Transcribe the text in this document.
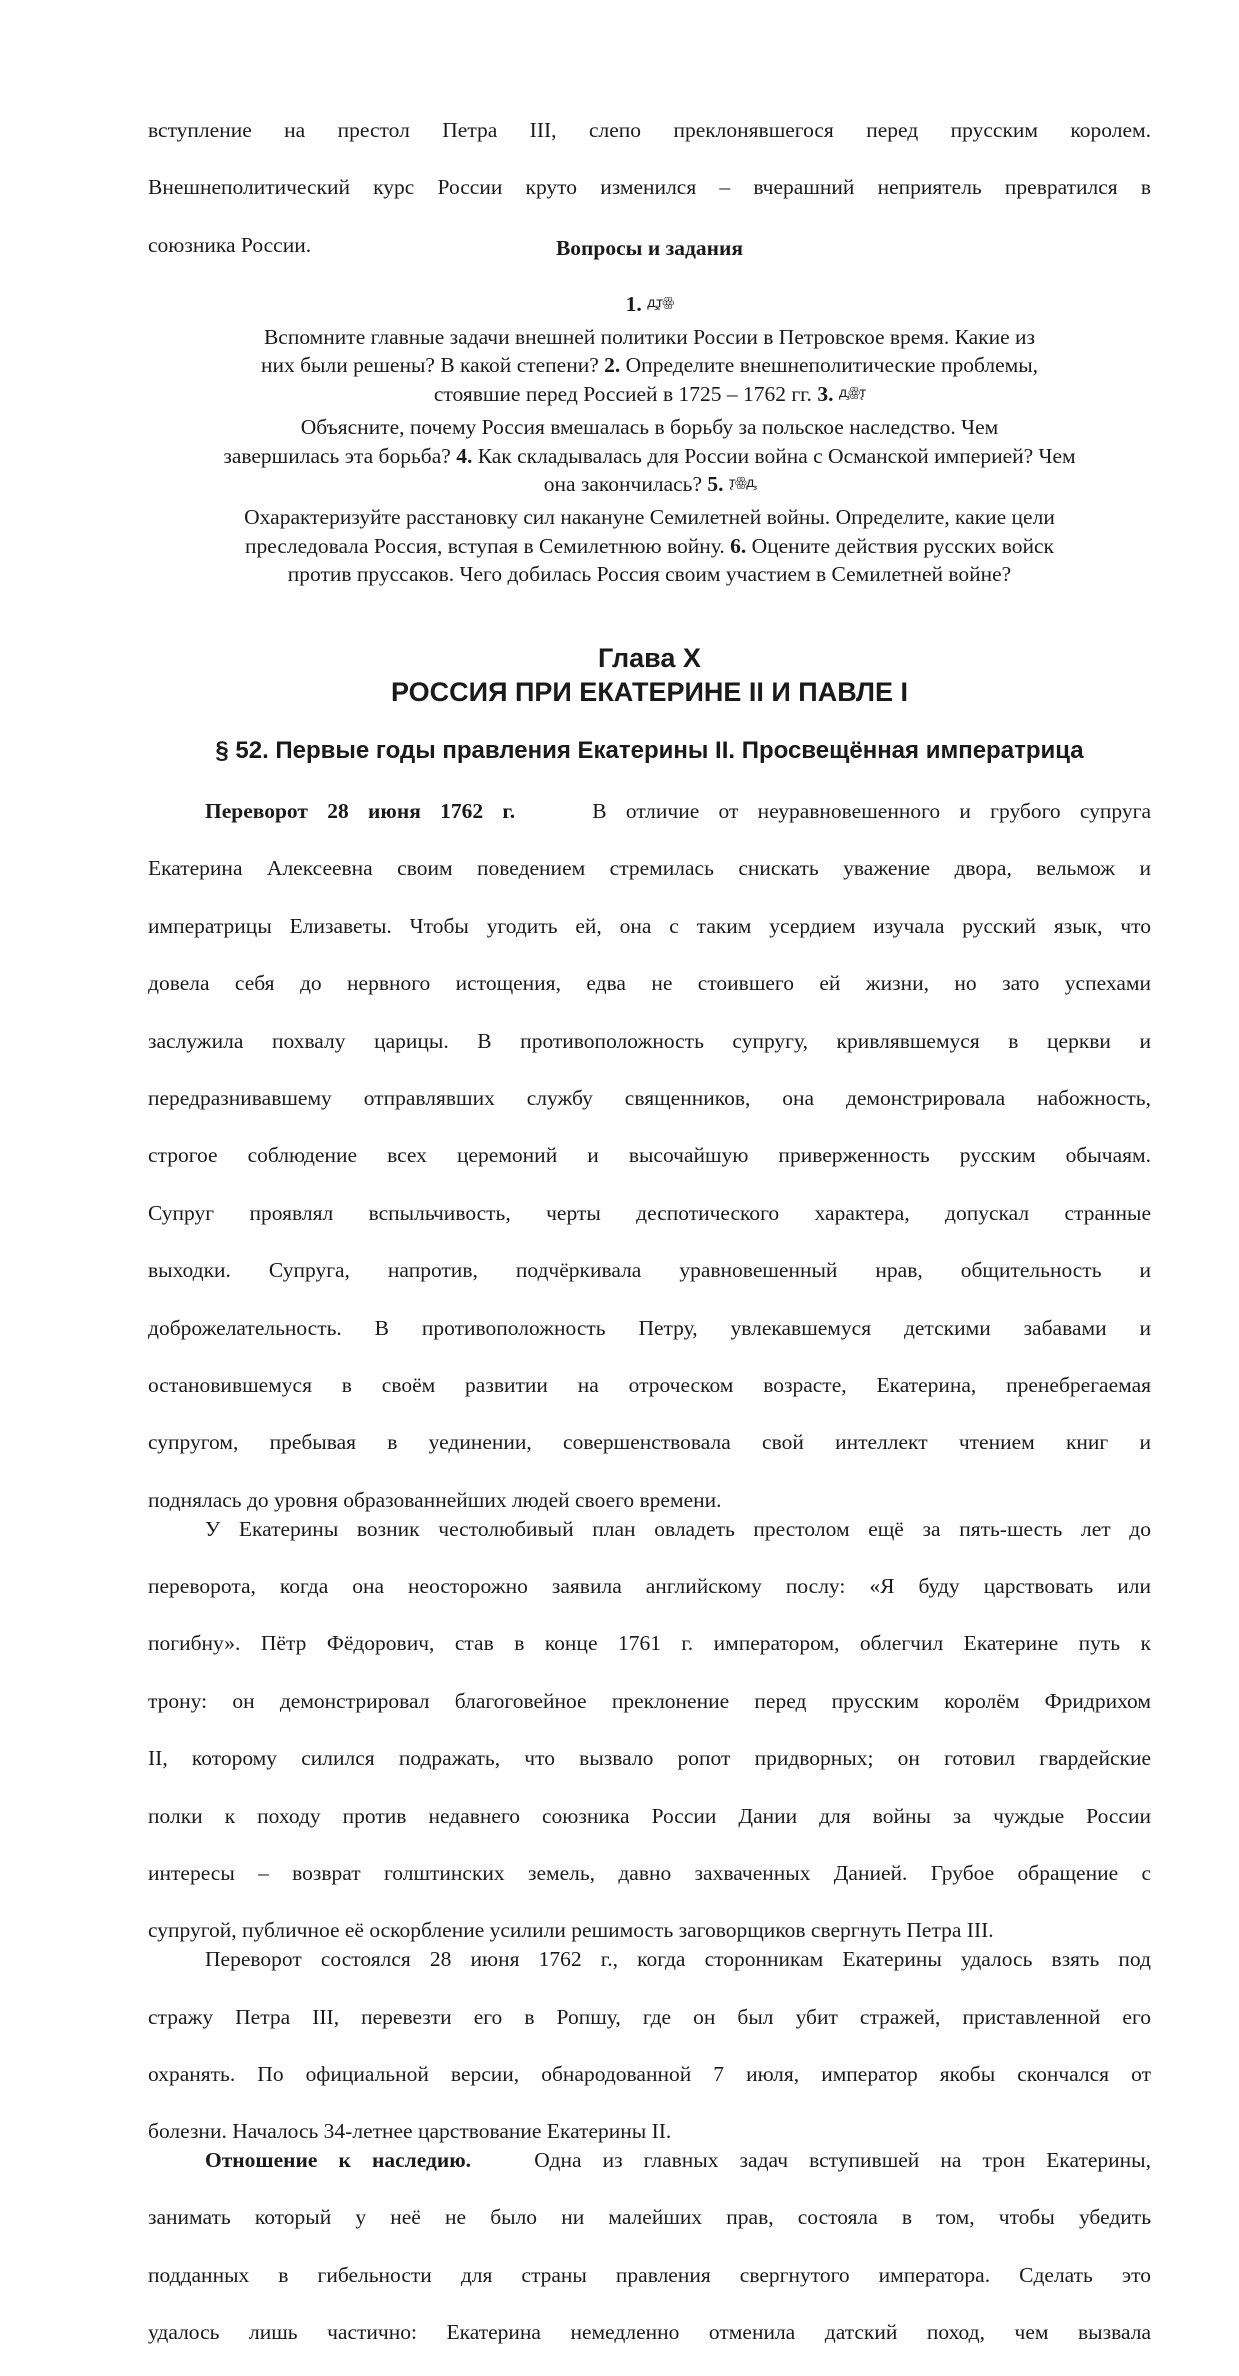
вступление на престол Петра III, слепо преклонявшегося перед прусским королем.
Внешнеполитический курс России круто изменился – вчерашний неприятель превратился в
союзника России.	Вопросы и задания
1. ꚉꚑꙮ
Вспомните главные задачи внешней политики России в Петровское время. Какие из
них были решены? В какой степени? 2. Определите внешнеполитические проблемы,
стоявшие перед Россией в 1725 – 1762 гг. 3. ꚉꙮꚑ
Объясните, почему Россия вмешалась в борьбу за польское наследство. Чем
завершилась эта борьба? 4. Как складывалась для России война с Османской империей? Чем
она закончилась? 5. ꚑꙮꚉ
Охарактеризуйте расстановку сил накануне Семилетней войны. Определите, какие цели
преследовала Россия, вступая в Семилетнюю войну. 6. Оцените действия русских войск
против пруссаков. Чего добилась Россия своим участием в Семилетней войне?
Глава Х
РОССИЯ ПРИ ЕКАТЕРИНЕ II И ПАВЛЕ I
§ 52. Первые годы правления Екатерины II. Просвещённая императрица
Переворот 28 июня 1762 г.	В отличие от неуравновешенного и грубого супруга
Екатерина Алексеевна своим поведением стремилась снискать уважение двора, вельмож и
императрицы Елизаветы. Чтобы угодить ей, она с таким усердием изучала русский язык, что
довела себя до нервного истощения, едва не стоившего ей жизни, но зато успехами
заслужила похвалу царицы. В противоположность супругу, кривлявшемуся в церкви и
передразнивавшему отправлявших службу священников, она демонстрировала набожность,
строгое соблюдение всех церемоний и высочайшую приверженность русским обычаям.
Супруг проявлял вспыльчивость, черты деспотического характера, допускал странные
выходки. Супруга, напротив, подчёркивала уравновешенный нрав, общительность и
доброжелательность. В противоположность Петру, увлекавшемуся детскими забавами и
остановившемуся в своём развитии на отроческом возрасте, Екатерина, пренебрегаемая
супругом, пребывая в уединении, совершенствовала свой интеллект чтением книг и
поднялась до уровня образованнейших людей своего времени.
У Екатерины возник честолюбивый план овладеть престолом ещё за пять-шесть лет до
переворота, когда она неосторожно заявила английскому послу: «Я буду царствовать или
погибну». Пётр Фёдорович, став в конце 1761 г. императором, облегчил Екатерине путь к
трону: он демонстрировал благоговейное преклонение перед прусским королём Фридрихом
II, которому силился подражать, что вызвало ропот придворных; он готовил гвардейские
полки к походу против недавнего союзника России Дании для войны за чуждые России
интересы – возврат голштинских земель, давно захваченных Данией. Грубое обращение с
супругой, публичное её оскорбление усилили решимость заговорщиков свергнуть Петра III.
Переворот состоялся 28 июня 1762 г., когда сторонникам Екатерины удалось взять под
стражу Петра III, перевезти его в Ропшу, где он был убит стражей, приставленной его
охранять. По официальной версии, обнародованной 7 июля, император якобы скончался от
болезни. Началось 34-летнее царствование Екатерины II.
Отношение к наследию.	Одна из главных задач вступившей на трон Екатерины,
занимать который у неё не было ни малейших прав, состояла в том, чтобы убедить
подданных в гибельности для страны правления свергнутого императора. Сделать это
удалось лишь частично: Екатерина немедленно отменила датский поход, чем вызвала
